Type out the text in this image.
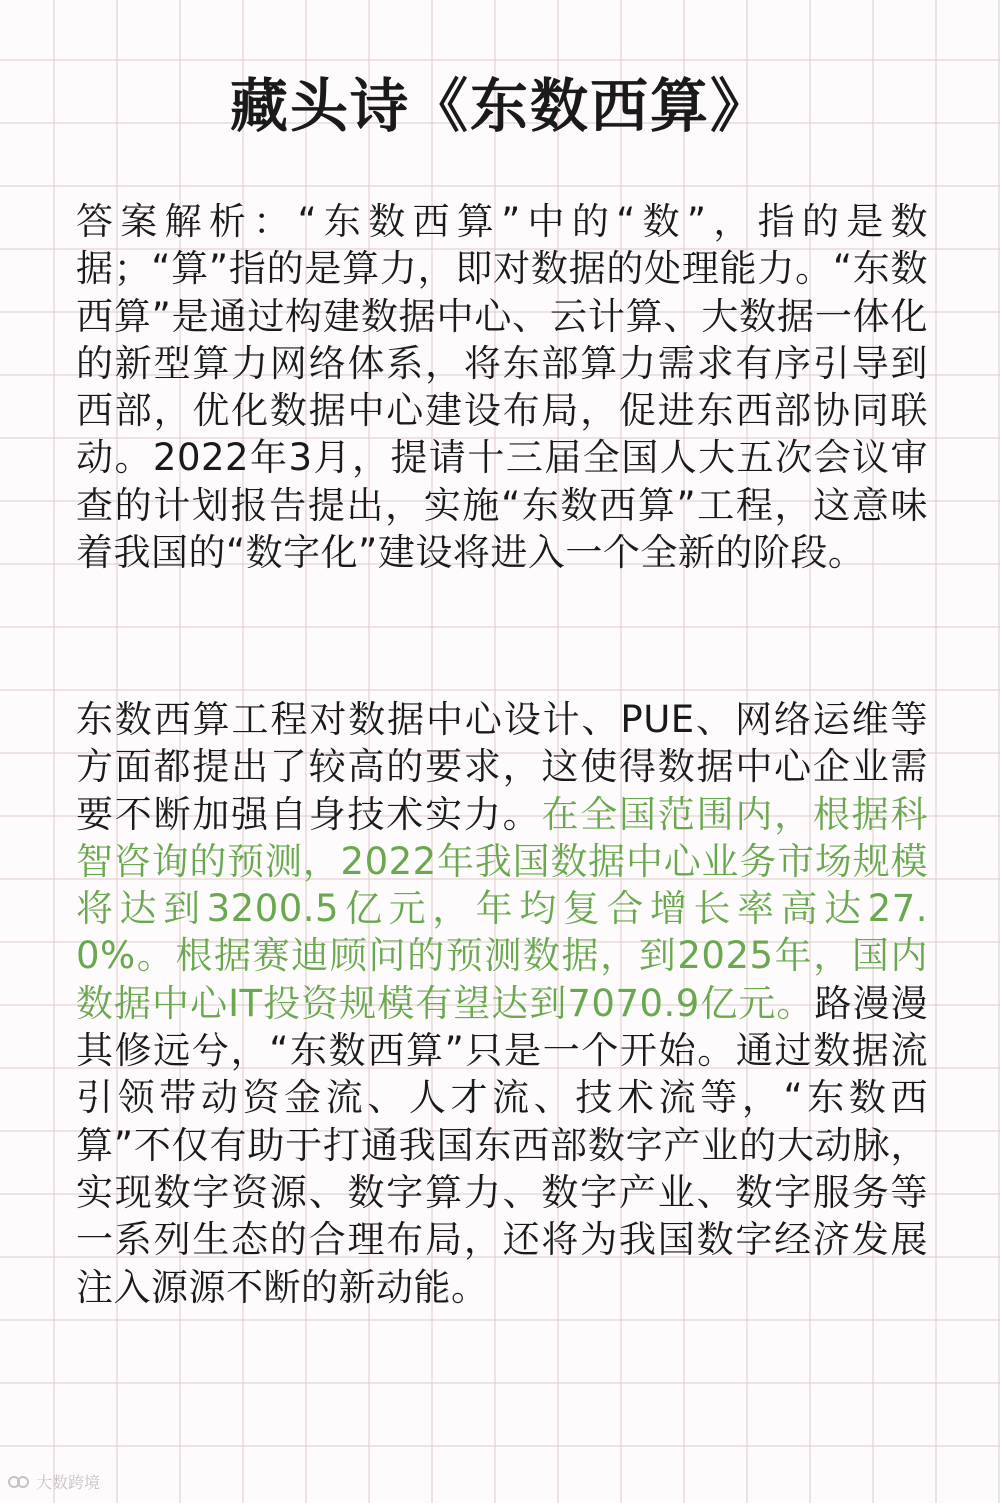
藏头诗《东数西算》

答案解析：“东数西算”中的“数”，指的是数据；“算”指的是算力，即对数据的处理能力。“东数西算”是通过构建数据中心、云计算、大数据一体化的新型算力网络体系，将东部算力需求有序引导到西部，优化数据中心建设布局，促进东西部协同联动。2022年3月，提请十三届全国人大五次会议审查的计划报告提出，实施“东数西算”工程，这意味着我国的“数字化”建设将进入一个全新的阶段。

东数西算工程对数据中心设计、PUE、网络运维等方面都提出了较高的要求，这使得数据中心企业需要不断加强自身技术实力。在全国范围内，根据科智咨询的预测，2022年我国数据中心业务市场规模将达到3200.5亿元，年均复合增长率高达27.0%。根据赛迪顾问的预测数据，到2025年，国内数据中心IT投资规模有望达到7070.9亿元。路漫漫其修远兮，“东数西算”只是一个开始。通过数据流引领带动资金流、人才流、技术流等，“东数西算”不仅有助于打通我国东西部数字产业的大动脉，实现数字资源、数字算力、数字产业、数字服务等一系列生态的合理布局，还将为我国数字经济发展注入源源不断的新动能。

大数跨境
